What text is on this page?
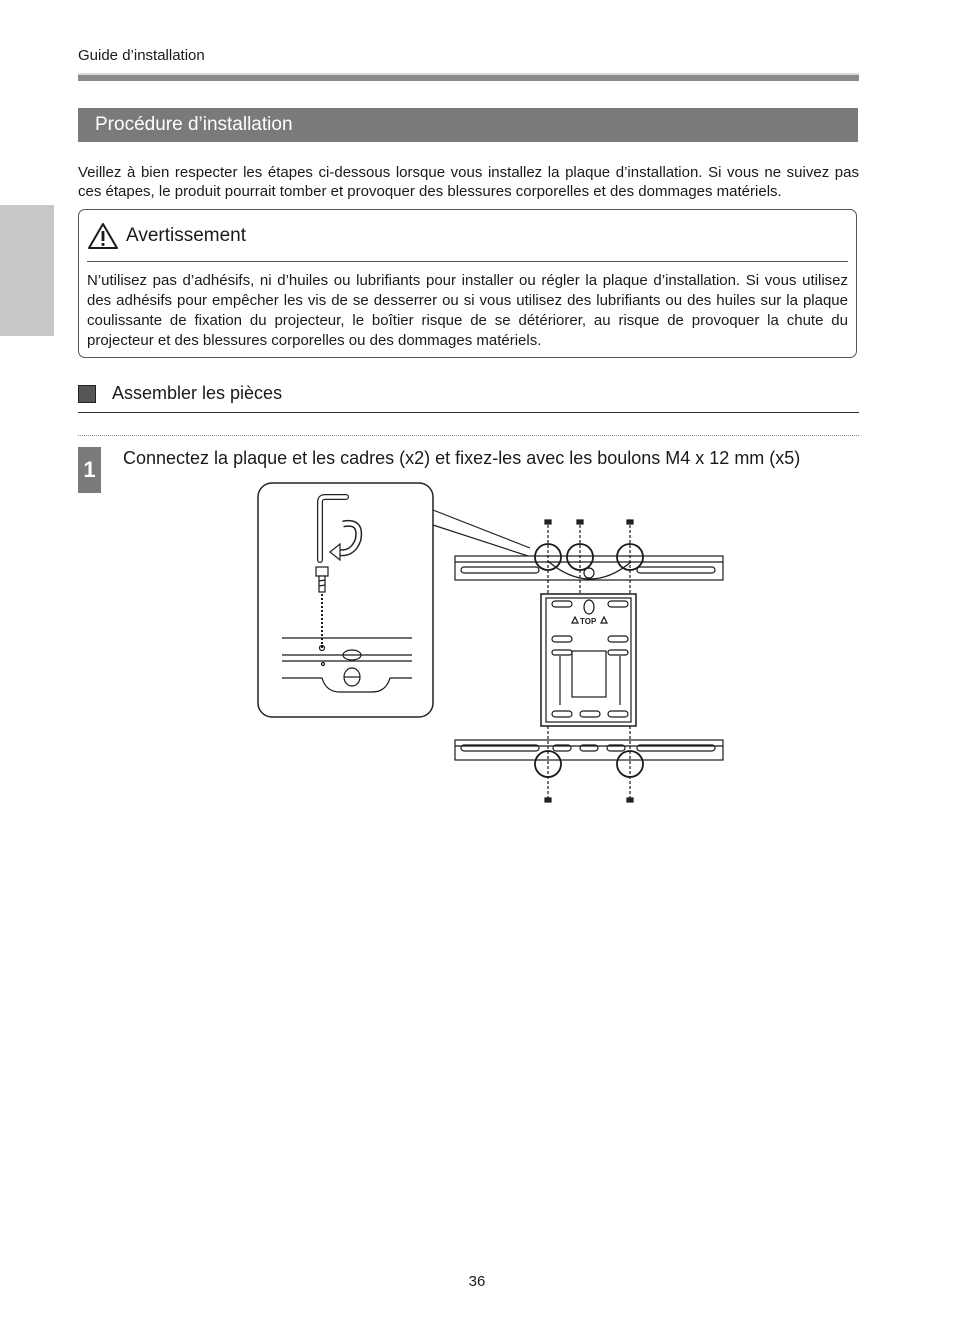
Guide d’installation
Procédure d’installation
Veillez à bien respecter les étapes ci-dessous lorsque vous installez la plaque d’installation. Si vous ne suivez pas ces étapes, le produit pourrait tomber et provoquer des blessures corporelles et des dommages matériels.
Avertissement
N’utilisez pas d’adhésifs, ni d’huiles ou lubrifiants pour installer ou régler la plaque d’installation. Si vous utilisez des adhésifs pour empêcher les vis de se desserrer ou si vous utilisez des lubrifiants ou des huiles sur la plaque coulissante de fixation du projecteur, le boîtier risque de se détériorer, au risque de provoquer la chute du projecteur et des blessures corporelles ou des dommages matériels.
Assembler les pièces
1 Connectez la plaque et les cadres (x2) et fixez-les avec les boulons M4 x 12 mm (x5)
TOP
36
